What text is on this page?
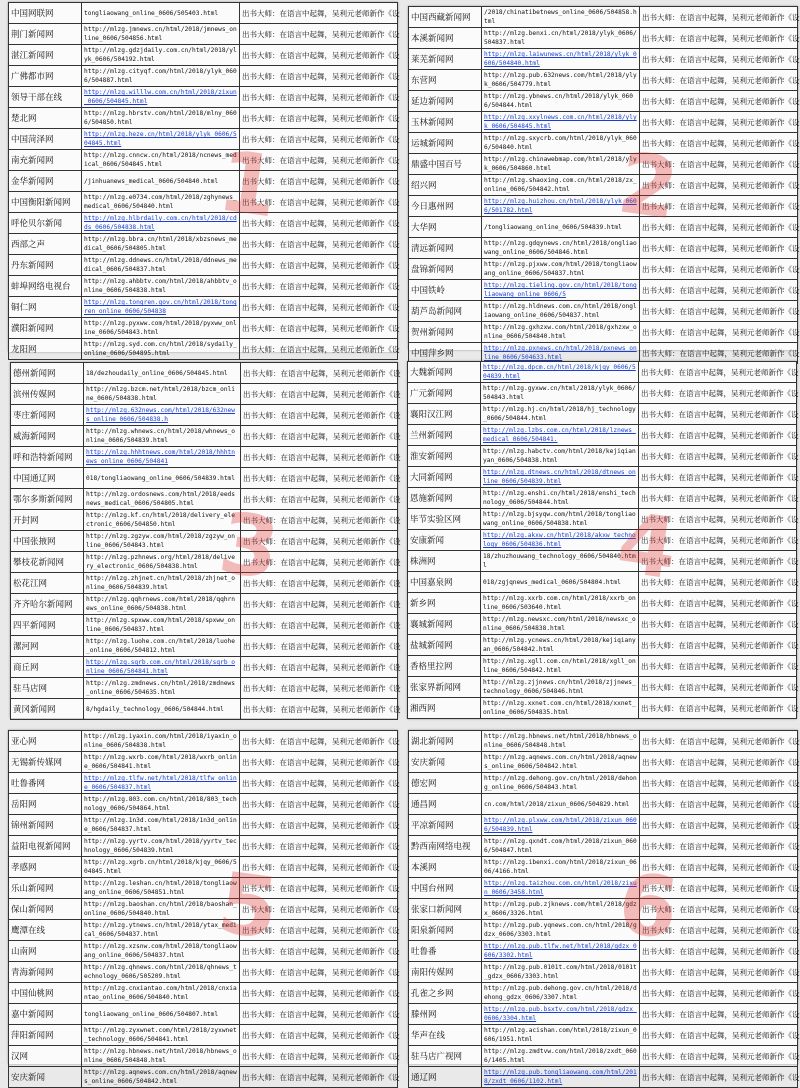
中国网联网	tongliaowang_online_0606/505403.html	出书大师：在语言中起舞，吴利元老师新作《设
荆门新闻网	http://mlzg.jmnews.cn/html/2018/jmnews_online_0606/504856.html	出书大师：在语言中起舞，吴利元老师新作《设
湛江新闻网	http://mlzg.gdzjdaily.com.cn/html/2018/ylyk_0606/504192.html	出书大师：在语言中起舞，吴利元老师新作《设
广佛都市网	http://mlzg.cityqf.com/html/2018/ylyk_0606/504887.html	出书大师：在语言中起舞，吴利元老师新作《设
领导干部在线	http://mlzg.willlw.com.cn/html/2018/zixun_0606/504845.html	出书大师：在语言中起舞，吴利元老师新作《设
楚北网	http://mlzg.hbrstv.com/html/2018/mlny_0606/504850.html	出书大师：在语言中起舞，吴利元老师新作《设
中国菏泽网	http://mlzg.heze.cn/html/2018/ylyk_0606/504845.html	出书大师：在语言中起舞，吴利元老师新作《设
南充新闻网	http://mlzg.cnncw.cn/html/2018/ncnews_medical_0606/504845.html	出书大师：在语言中起舞，吴利元老师新作《设
金华新闻网	/jinhuanews_medical_0606/504840.html	出书大师：在语言中起舞，吴利元老师新作《设
中国衡阳新闻网	http://mlzg.e0734.com/html/2018/zghynews_medical_0606/504840.html	出书大师：在语言中起舞，吴利元老师新作《设
呼伦贝尔新闻	http://mlzg.hlbrdaily.com.cn/html/2018/cdds_0606/504838.html	出书大师：在语言中起舞，吴利元老师新作《设
西部之声	http://mlzg.bbra.cn/html/2018/xbzsnews_medical_0606/504805.html	出书大师：在语言中起舞，吴利元老师新作《设
丹东新闻网	http://mlzg.ddnews.cn/html/2018/ddnews_medical_0606/504837.html	出书大师：在语言中起舞，吴利元老师新作《设
蚌埠网络电视台	http://mlzg.ahbbtv.com/html/2018/ahbbtv_online_0606/504838.html	出书大师：在语言中起舞，吴利元老师新作《设
铜仁网	http://mlzg.tongren.gov.cn/html/2018/tongren_online_0606/504838	出书大师：在语言中起舞，吴利元老师新作《设
濮阳新闻网	http://mlzg.pyxww.com/html/2018/pyxww_online_0606/504843.html	出书大师：在语言中起舞，吴利元老师新作《设
龙阳网	http://mlzg.syd.com.cn/html/2018/sydaily_online_0606/504895.html	出书大师：在语言中起舞，吴利元老师新作《设
1
中国西藏新闻网	/2018/chinatibetnews_online_0606/504858.html	出书大师：在语言中起舞，吴利元老师新作《设
本溪新闻网	http://mlzg.benxi.cn/html/2018/ylyk_0606/504837.html	出书大师：在语言中起舞，吴利元老师新作《设
莱芜新闻网	http://mlzg.laiwunews.cn/html/2018/ylyk_0606/504840.html	出书大师：在语言中起舞，吴利元老师新作《设
东营网	http://mlzg.pub.632news.com/html/2018/ylyk_0606/504779.html	出书大师：在语言中起舞，吴利元老师新作《设
延边新闻网	http://mlzg.ybnews.cn/html/2018/ylyk_0606/504844.html	出书大师：在语言中起舞，吴利元老师新作《设
玉林新闻网	http://mlzg.xxylnews.com.cn/html/2018/ylyk_0606/504845.html	出书大师：在语言中起舞，吴利元老师新作《设
运城新闻网	http://mlzg.sxycrb.com/html/2018/ylyk_0606/504840.html	出书大师：在语言中起舞，吴利元老师新作《设
鼎盛中国百号	http://mlzg.chinawebmap.com/html/2018/ylyk_0606/504860.html	出书大师：在语言中起舞，吴利元老师新作《设
绍兴网	http://mlzg.shaoxing.com.cn/html/2018/zx_online_0606/504842.html	出书大师：在语言中起舞，吴利元老师新作《设
今日惠州网	http://mlzg.huizhou.cn/html/2018/ylyk_0606/501782.html	出书大师：在语言中起舞，吴利元老师新作《设
大华网	/tongliaowang_online_0606/504839.html	出书大师：在语言中起舞，吴利元老师新作《设
清远新闻网	http://mlzg.gdqynews.cn/html/2018/ongliaowang_online_0606/504846.html	出书大师：在语言中起舞，吴利元老师新作《设
盘锦新闻网	http://mlzg.pjxww.com/html/2018/tongliaowang_online_0606/504837.html	出书大师：在语言中起舞，吴利元老师新作《设
中国铁岭	http://mlzg.tieling.gov.cn/html/2018/tongliaowang_online_0606/5	出书大师：在语言中起舞，吴利元老师新作《设
葫芦岛新闻网	http://mlzg.hldnews.com.cn/html/2018/ongliaowang_online_0606/504837.html	出书大师：在语言中起舞，吴利元老师新作《设
贺州新闻网	http://mlzg.gxhzxw.com/html/2018/gxhzxw_online_0606/504840.html	出书大师：在语言中起舞，吴利元老师新作《设
中国萍乡网	http://mlzg.pxnews.cn/html/2018/pxnews_online_0606/504633.html	出书大师：在语言中起舞，吴利元老师新作《设
2
德州新闻网	18/dezhoudaily_online_0606/504845.html	出书大师：在语言中起舞，吴利元老师新作《设
滨州传媒网	http://mlzg.bzcm.net/html/2018/bzcm_online_0606/504838.html	出书大师：在语言中起舞，吴利元老师新作《设
枣庄新闻网	http://mlzg.632news.com/html/2018/632news_online_0606/504838.h	出书大师：在语言中起舞，吴利元老师新作《设
威海新闻网	http://mlzg.whnews.cn/html/2018/whnews_online_0606/504839.html	出书大师：在语言中起舞，吴利元老师新作《设
呼和浩特新闻网	http://mlzg.hhhtnews.com/html/2018/hhhtnews_online_0606/504841	出书大师：在语言中起舞，吴利元老师新作《设
中国通辽网	018/tongliaowang_online_0606/504839.html	出书大师：在语言中起舞，吴利元老师新作《设
鄂尔多斯新闻网	http://mlzg.ordosnews.com/html/2018/eedsnews_medical_0606/504805.html	出书大师：在语言中起舞，吴利元老师新作《设
开封网	http://mlzg.kf.cn/html/2018/delivery_electronic_0606/504850.html	出书大师：在语言中起舞，吴利元老师新作《设
中国张掖网	http://mlzg.zgzyw.com/html/2018/zgzyw_online_0606/504843.html	出书大师：在语言中起舞，吴利元老师新作《设
攀枝花新闻网	http://mlzg.pzhnews.org/html/2018/delivery_electronic_0606/504838.html	出书大师：在语言中起舞，吴利元老师新作《设
松花江网	http://mlzg.zhjnet.cn/html/2018/zhjnet_online_0606/504839.html	出书大师：在语言中起舞，吴利元老师新作《设
齐齐哈尔新闻网	http://mlzg.qqhrnews.com/html/2018/qqhrnews_online_0606/504838.html	出书大师：在语言中起舞，吴利元老师新作《设
四平新闻网	http://mlzg.spxww.com/html/2018/spxww_online_0606/504837.html	出书大师：在语言中起舞，吴利元老师新作《设
漯河网	http://mlzg.luohe.com.cn/html/2018/luohe_online_0606/504812.html	出书大师：在语言中起舞，吴利元老师新作《设
商丘网	http://mlzg.sqrb.com.cn/html/2018/sqrb_online_0606/504841.html	出书大师：在语言中起舞，吴利元老师新作《设
驻马店网	http://mlzg.zmdnews.cn/html/2018/zmdnews_online_0606/504635.html	出书大师：在语言中起舞，吴利元老师新作《设
黄冈新闻网	8/hgdaily_technology_0606/504844.html	出书大师：在语言中起舞，吴利元老师新作《设
3
大魏新闻网	http://mlzg.dpcm.cn/html/2018/kjqy_0606/504839.html	出书大师：在语言中起舞，吴利元老师新作《设
广元新闻网	http://mlzg.gyxww.cn/html/2018/ylyk_0606/504843.html	出书大师：在语言中起舞，吴利元老师新作《设
襄阳汉江网	http://mlzg.hj.cn/html/2018/hj_technology_0606/504844.html	出书大师：在语言中起舞，吴利元老师新作《设
兰州新闻网	http://mlzg.lzbs.com.cn/html/2018/lznews_medical_0606/504841.	出书大师：在语言中起舞，吴利元老师新作《设
淮安新闻网	http://mlzg.habctv.com/html/2018/kejiqianyan_0606/504838.html	出书大师：在语言中起舞，吴利元老师新作《设
大同新闻网	http://mlzg.dtnews.cn/html/2018/dtnews_online_0606/504839.html	出书大师：在语言中起舞，吴利元老师新作《设
恩施新闻网	http://mlzg.enshi.cn/html/2018/enshi_technology_0606/504844.html	出书大师：在语言中起舞，吴利元老师新作《设
毕节实验区网	http://mlzg.bjsyqw.com/html/2018/tongliaowang_online_0606/504838.html	出书大师：在语言中起舞，吴利元老师新作《设
安康新闻	http://mlzg.akxw.cn/html/2018/akxw_technology_0606/504836.html	出书大师：在语言中起舞，吴利元老师新作《设
株洲网	18/zhuzhouwang_technology_0606/504840.html	出书大师：在语言中起舞，吴利元老师新作《设
中国嘉泉网	018/zgjqnews_medical_0606/504804.html	出书大师：在语言中起舞，吴利元老师新作《设
新乡网	http://mlzg.xxrb.com.cn/html/2018/xxrb_online_0606/503640.html	出书大师：在语言中起舞，吴利元老师新作《设
襄城新闻网	http://mlzg.newsxc.com/html/2018/newsxc_online_0606/504838.html	出书大师：在语言中起舞，吴利元老师新作《设
盐城新闻网	http://mlzg.ycnews.cn/html/2018/kejiqianyan_0606/504842.html	出书大师：在语言中起舞，吴利元老师新作《设
香格里拉网	http://mlzg.xgll.com.cn/html/2018/xgll_online_0606/504842.html	出书大师：在语言中起舞，吴利元老师新作《设
张家界新闻网	http://mlzg.zjjnews.cn/html/2018/zjjnews_technology_0606/504846.html	出书大师：在语言中起舞，吴利元老师新作《设
湘西网	http://mlzg.xxnet.com.cn/html/2018/xxnet_online_0606/504835.html	出书大师：在语言中起舞，吴利元老师新作《设
4
亚心网	http://mlzg.iyaxin.com/html/2018/iyaxin_online_0606/504838.html	出书大师：在语言中起舞，吴利元老师新作《设
无锡新传媒网	http://mlzg.wxrb.com/html/2018/wxrb_online_0606/504841.html	出书大师：在语言中起舞，吴利元老师新作《设
吐鲁番网	http://mlzg.tlfw.net/html/2018/tlfw_online_0606/504837.html	出书大师：在语言中起舞，吴利元老师新作《设
岳阳网	http://mlzg.803.com.cn/html/2018/803_technology_0606/504864.html	出书大师：在语言中起舞，吴利元老师新作《设
锦州新闻网	http://mlzg.1n3d.com/html/2018/1n3d_online_0606/504837.html	出书大师：在语言中起舞，吴利元老师新作《设
益阳电视新闻网	http://mlzg.yyrtv.com/html/2018/yyrtv_technology_0606/504839.html	出书大师：在语言中起舞，吴利元老师新作《设
孝感网	http://mlzg.xgrb.cn/html/2018/kjqy_0606/504845.html	出书大师：在语言中起舞，吴利元老师新作《设
乐山新闻网	http://mlzg.leshan.cn/html/2018/tongliaowang_online_0606/504851.html	出书大师：在语言中起舞，吴利元老师新作《设
保山新闻网	http://mlzg.baoshan.cn/html/2018/baoshan_online_0606/504840.html	出书大师：在语言中起舞，吴利元老师新作《设
鹰潭在线	http://mlzg.ytnews.cn/html/2018/ytax_medical_0606/504837.html	出书大师：在语言中起舞，吴利元老师新作《设
山南网	http://mlzg.xzsnw.com/html/2018/tongliaowang_online_0606/504837.html	出书大师：在语言中起舞，吴利元老师新作《设
青海新闻网	http://mlzg.qhnews.com/html/2018/qhnews_technology_0606/505209.html	出书大师：在语言中起舞，吴利元老师新作《设
中国仙桃网	http://mlzg.cnxiantao.com/html/2018/cnxiantao_online_0606/504840.html	出书大师：在语言中起舞，吴利元老师新作《设
嘉中新闻网	tongliaowang_online_0606/504807.html	出书大师：在语言中起舞，吴利元老师新作《设
萍阳新闻网	http://mlzg.zyxwnet.com/html/2018/zyxwnet_technology_0606/504841.html	出书大师：在语言中起舞，吴利元老师新作《设
汉网	http://mlzg.hbnews.net/html/2018/hbnews_online_0606/504848.html	出书大师：在语言中起舞，吴利元老师新作《设
安庆新闻	http://mlzg.aqnews.com.cn/html/2018/aqnews_online_0606/504842.html	出书大师：在语言中起舞，吴利元老师新作《设
5
湖北新闻网	http://mlzg.hbnews.net/html/2018/hbnews_online_0606/504848.html	出书大师：在语言中起舞，吴利元老师新作《设
安庆新闻	http://mlzg.aqnews.com.cn/html/2018/aqnews_online_0606/504842.html	出书大师：在语言中起舞，吴利元老师新作《设
德宏网	http://mlzg.dehong.gov.cn/html/2018/dehong_online_0606/504843.html	出书大师：在语言中起舞，吴利元老师新作《设
通昌网	cn.com/html/2018/zixun_0606/504829.html	出书大师：在语言中起舞，吴利元老师新作《设
平凉新闻网	http://mlzg.plxww.com/html/2018/zixun_0606/504839.html	出书大师：在语言中起舞，吴利元老师新作《设
黔西南网络电视	http://mlzg.qxndt.com/html/2018/zixun_0606/504847.html	出书大师：在语言中起舞，吴利元老师新作《设
本溪网	http://mlzg.ibenxi.com/html/2018/zixun_0606/4166.html	出书大师：在语言中起舞，吴利元老师新作《设
中国台州网	http://mlzg.taizhou.com.cn/html/2018/zixun_0606/3458.html	出书大师：在语言中起舞，吴利元老师新作《设
张家口新闻网	http://mlzg.pub.zjknews.com/html/2018/gdzx_0606/3326.html	出书大师：在语言中起舞，吴利元老师新作《设
阳泉新闻网	http://mlzg.pub.yqnews.com.cn/html/2018/gdzx_0606/3303.html	出书大师：在语言中起舞，吴利元老师新作《设
吐鲁番	http://mlzg.pub.tlfw.net/html/2018/gdzx_0606/3302.html	出书大师：在语言中起舞，吴利元老师新作《设
南阳传媒网	http://mlzg.pub.0101t.com/html/2018/0101t_gdzx_0606/3303.html	出书大师：在语言中起舞，吴利元老师新作《设
孔雀之乡网	http://mlzg.pub.dehong.gov.cn/html/2018/dehong_gdzx_0606/3307.html	出书大师：在语言中起舞，吴利元老师新作《设
滕州网	http://mlzg.pub.bsxtv.com/html/2018/gdzx_0606/3304.html	出书大师：在语言中起舞，吴利元老师新作《设
华声在线	http://mlzg.acishan.com/html/2018/zixun_0606/1951.html	出书大师：在语言中起舞，吴利元老师新作《设
驻马店广视网	http://mlzg.zmdtvw.com/html/2018/zxdt_0606/1405.html	出书大师：在语言中起舞，吴利元老师新作《设
通辽网	http://mlzg.pub.tongliaowang.com/html/2018/zxdt_0606/1102.html	出书大师：在语言中起舞，吴利元老师新作《设
6
